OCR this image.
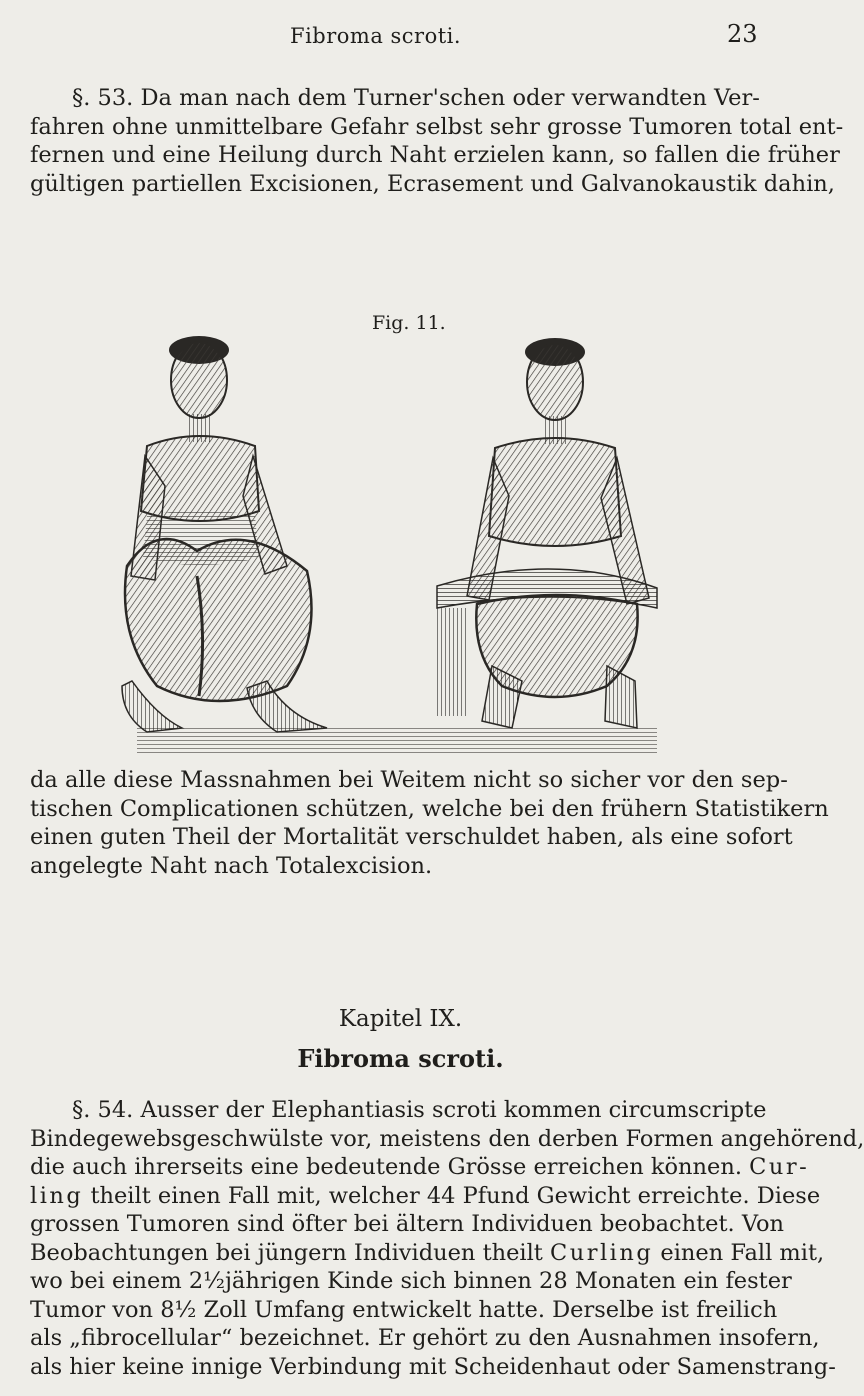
Fibroma scroti.	23
§. 53. Da man nach dem Turner'schen oder verwandten Ver-
fahren ohne unmittelbare Gefahr selbst sehr grosse Tumoren total ent-
fernen und eine Heilung durch Naht erzielen kann, so fallen die früher
gültigen partiellen Excisionen, Ecrasement und Galvanokaustik dahin,
Fig. 11.
da alle diese Massnahmen bei Weitem nicht so sicher vor den sep-
tischen Complicationen schützen, welche bei den frühern Statistikern
einen guten Theil der Mortalität verschuldet haben, als eine sofort
angelegte Naht nach Totalexcision.
Kapitel IX.
Fibroma scroti.
§. 54. Ausser der Elephantiasis scroti kommen circumscripte
Bindegewebsgeschwülste vor, meistens den derben Formen angehörend,
die auch ihrerseits eine bedeutende Grösse erreichen können. Cur-
ling theilt einen Fall mit, welcher 44 Pfund Gewicht erreichte. Diese
grossen Tumoren sind öfter bei ältern Individuen beobachtet. Von
Beobachtungen bei jüngern Individuen theilt Curling einen Fall mit,
wo bei einem 2½jährigen Kinde sich binnen 28 Monaten ein fester
Tumor von 8½ Zoll Umfang entwickelt hatte. Derselbe ist freilich
als „fibrocellular“ bezeichnet. Er gehört zu den Ausnahmen insofern,
als hier keine innige Verbindung mit Scheidenhaut oder Samenstrang-
